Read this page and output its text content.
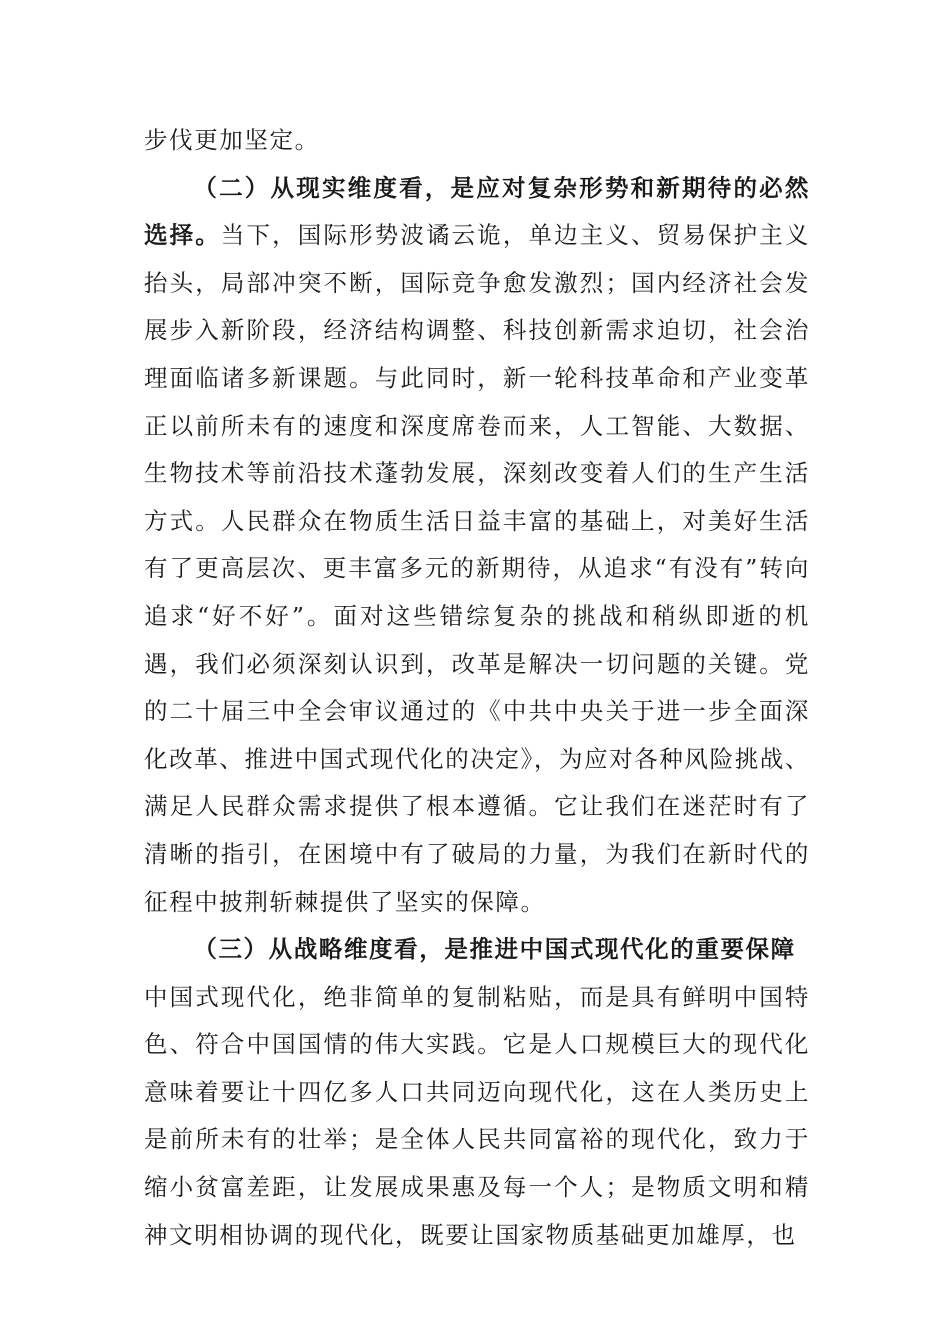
步伐更加坚定。

（二）从现实维度看，是应对复杂形势和新期待的必然选择。当下，国际形势波谲云诡，单边主义、贸易保护主义抬头，局部冲突不断，国际竞争愈发激烈；国内经济社会发展步入新阶段，经济结构调整、科技创新需求迫切，社会治理面临诸多新课题。与此同时，新一轮科技革命和产业变革正以前所未有的速度和深度席卷而来，人工智能、大数据、生物技术等前沿技术蓬勃发展，深刻改变着人们的生产生活方式。人民群众在物质生活日益丰富的基础上，对美好生活有了更高层次、更丰富多元的新期待，从追求“有没有”转向追求“好不好”。面对这些错综复杂的挑战和稍纵即逝的机遇，我们必须深刻认识到，改革是解决一切问题的关键。党的二十届三中全会审议通过的《中共中央关于进一步全面深化改革、推进中国式现代化的决定》，为应对各种风险挑战、满足人民群众需求提供了根本遵循。它让我们在迷茫时有了清晰的指引，在困境中有了破局的力量，为我们在新时代的征程中披荆斩棘提供了坚实的保障。

（三）从战略维度看，是推进中国式现代化的重要保障

中国式现代化，绝非简单的复制粘贴，而是具有鲜明中国特色、符合中国国情的伟大实践。它是人口规模巨大的现代化意味着要让十四亿多人口共同迈向现代化，这在人类历史上是前所未有的壮举；是全体人民共同富裕的现代化，致力于缩小贫富差距，让发展成果惠及每一个人；是物质文明和精神文明相协调的现代化，既要让国家物质基础更加雄厚，也
